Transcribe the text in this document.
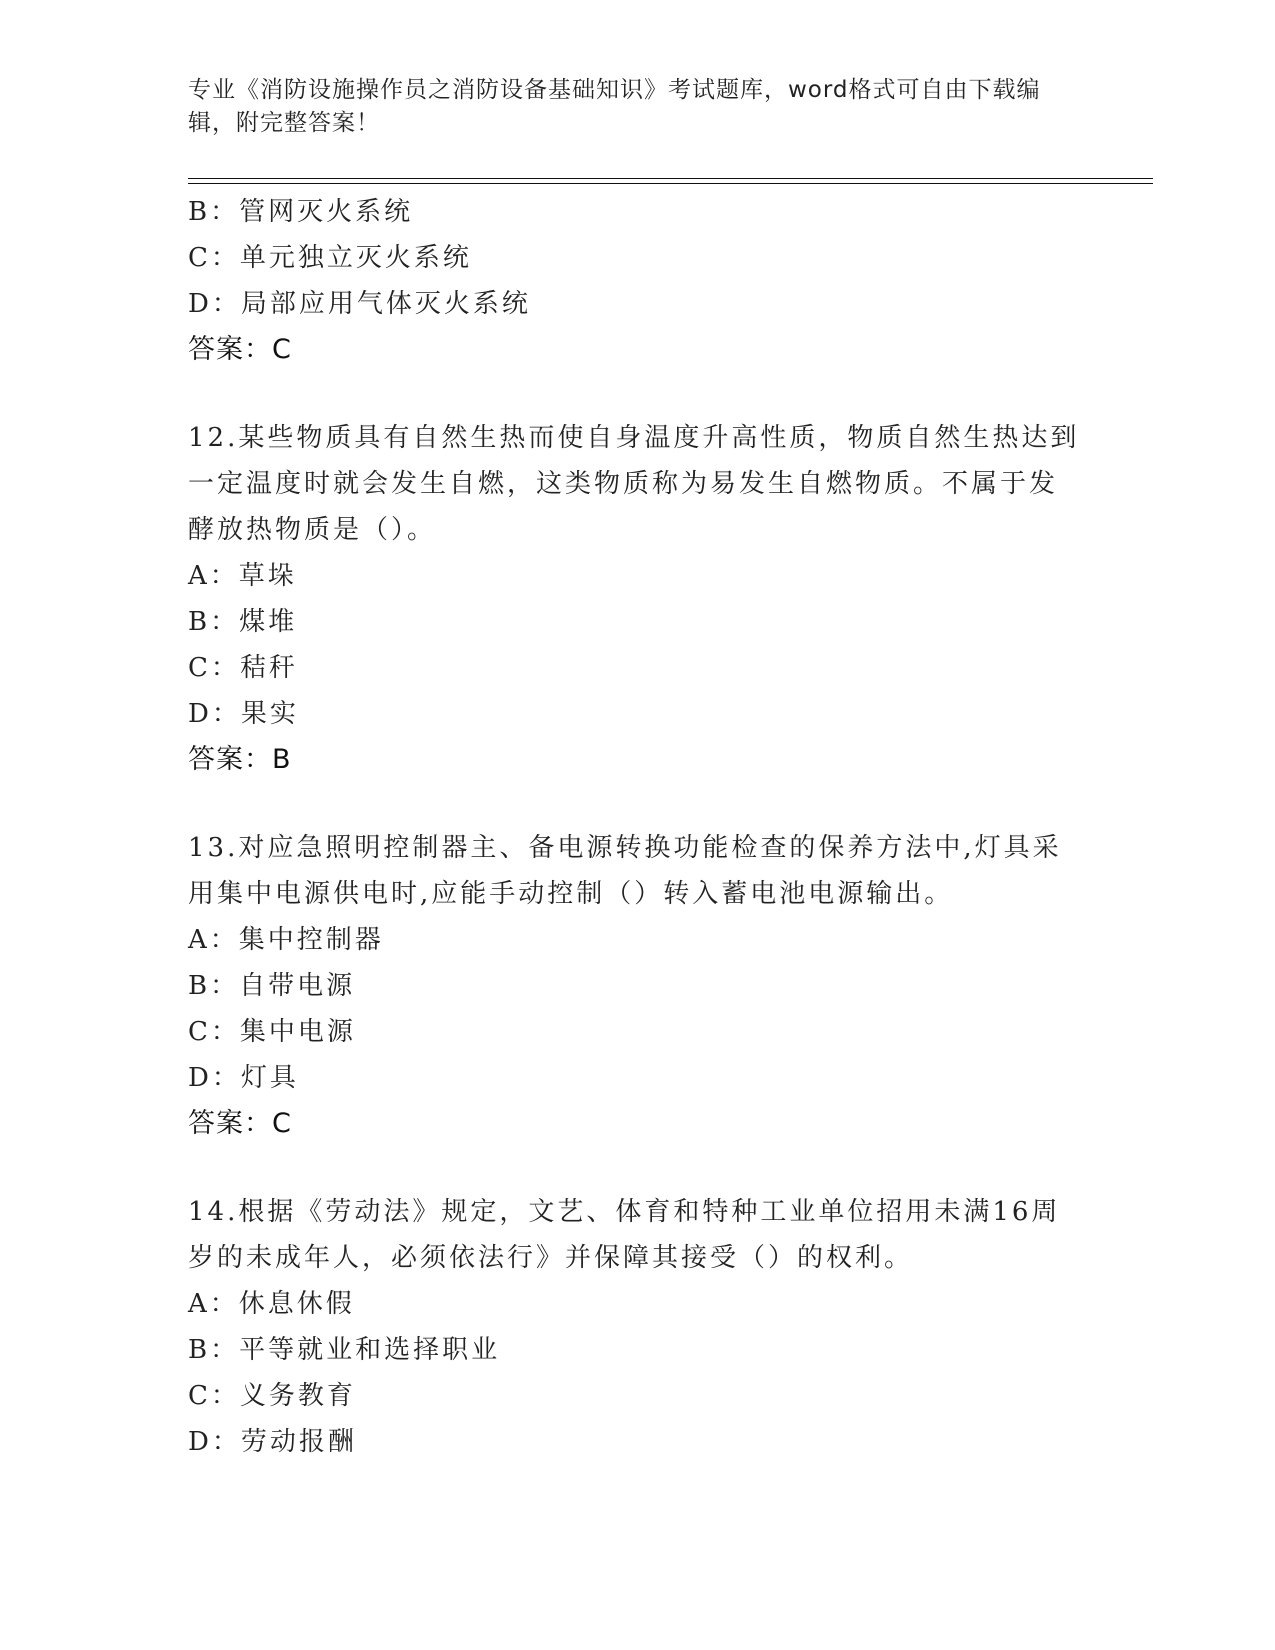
专业《消防设施操作员之消防设备基础知识》考试题库，word格式可自由下载编
辑，附完整答案！
B：管网灭火系统
C：单元独立灭火系统
D：局部应用气体灭火系统
答案：C
12.某些物质具有自然生热而使自身温度升高性质，物质自然生热达到
一定温度时就会发生自燃，这类物质称为易发生自燃物质。不属于发
酵放热物质是（）。
A：草垛
B：煤堆
C：秸秆
D：果实
答案：B
13.对应急照明控制器主、备电源转换功能检查的保养方法中,灯具采
用集中电源供电时,应能手动控制（）转入蓄电池电源输出。
A：集中控制器
B：自带电源
C：集中电源
D：灯具
答案：C
14.根据《劳动法》规定，文艺、体育和特种工业单位招用未满16周
岁的未成年人，必须依法行》并保障其接受（）的权利。
A：休息休假
B：平等就业和选择职业
C：义务教育
D：劳动报酬
